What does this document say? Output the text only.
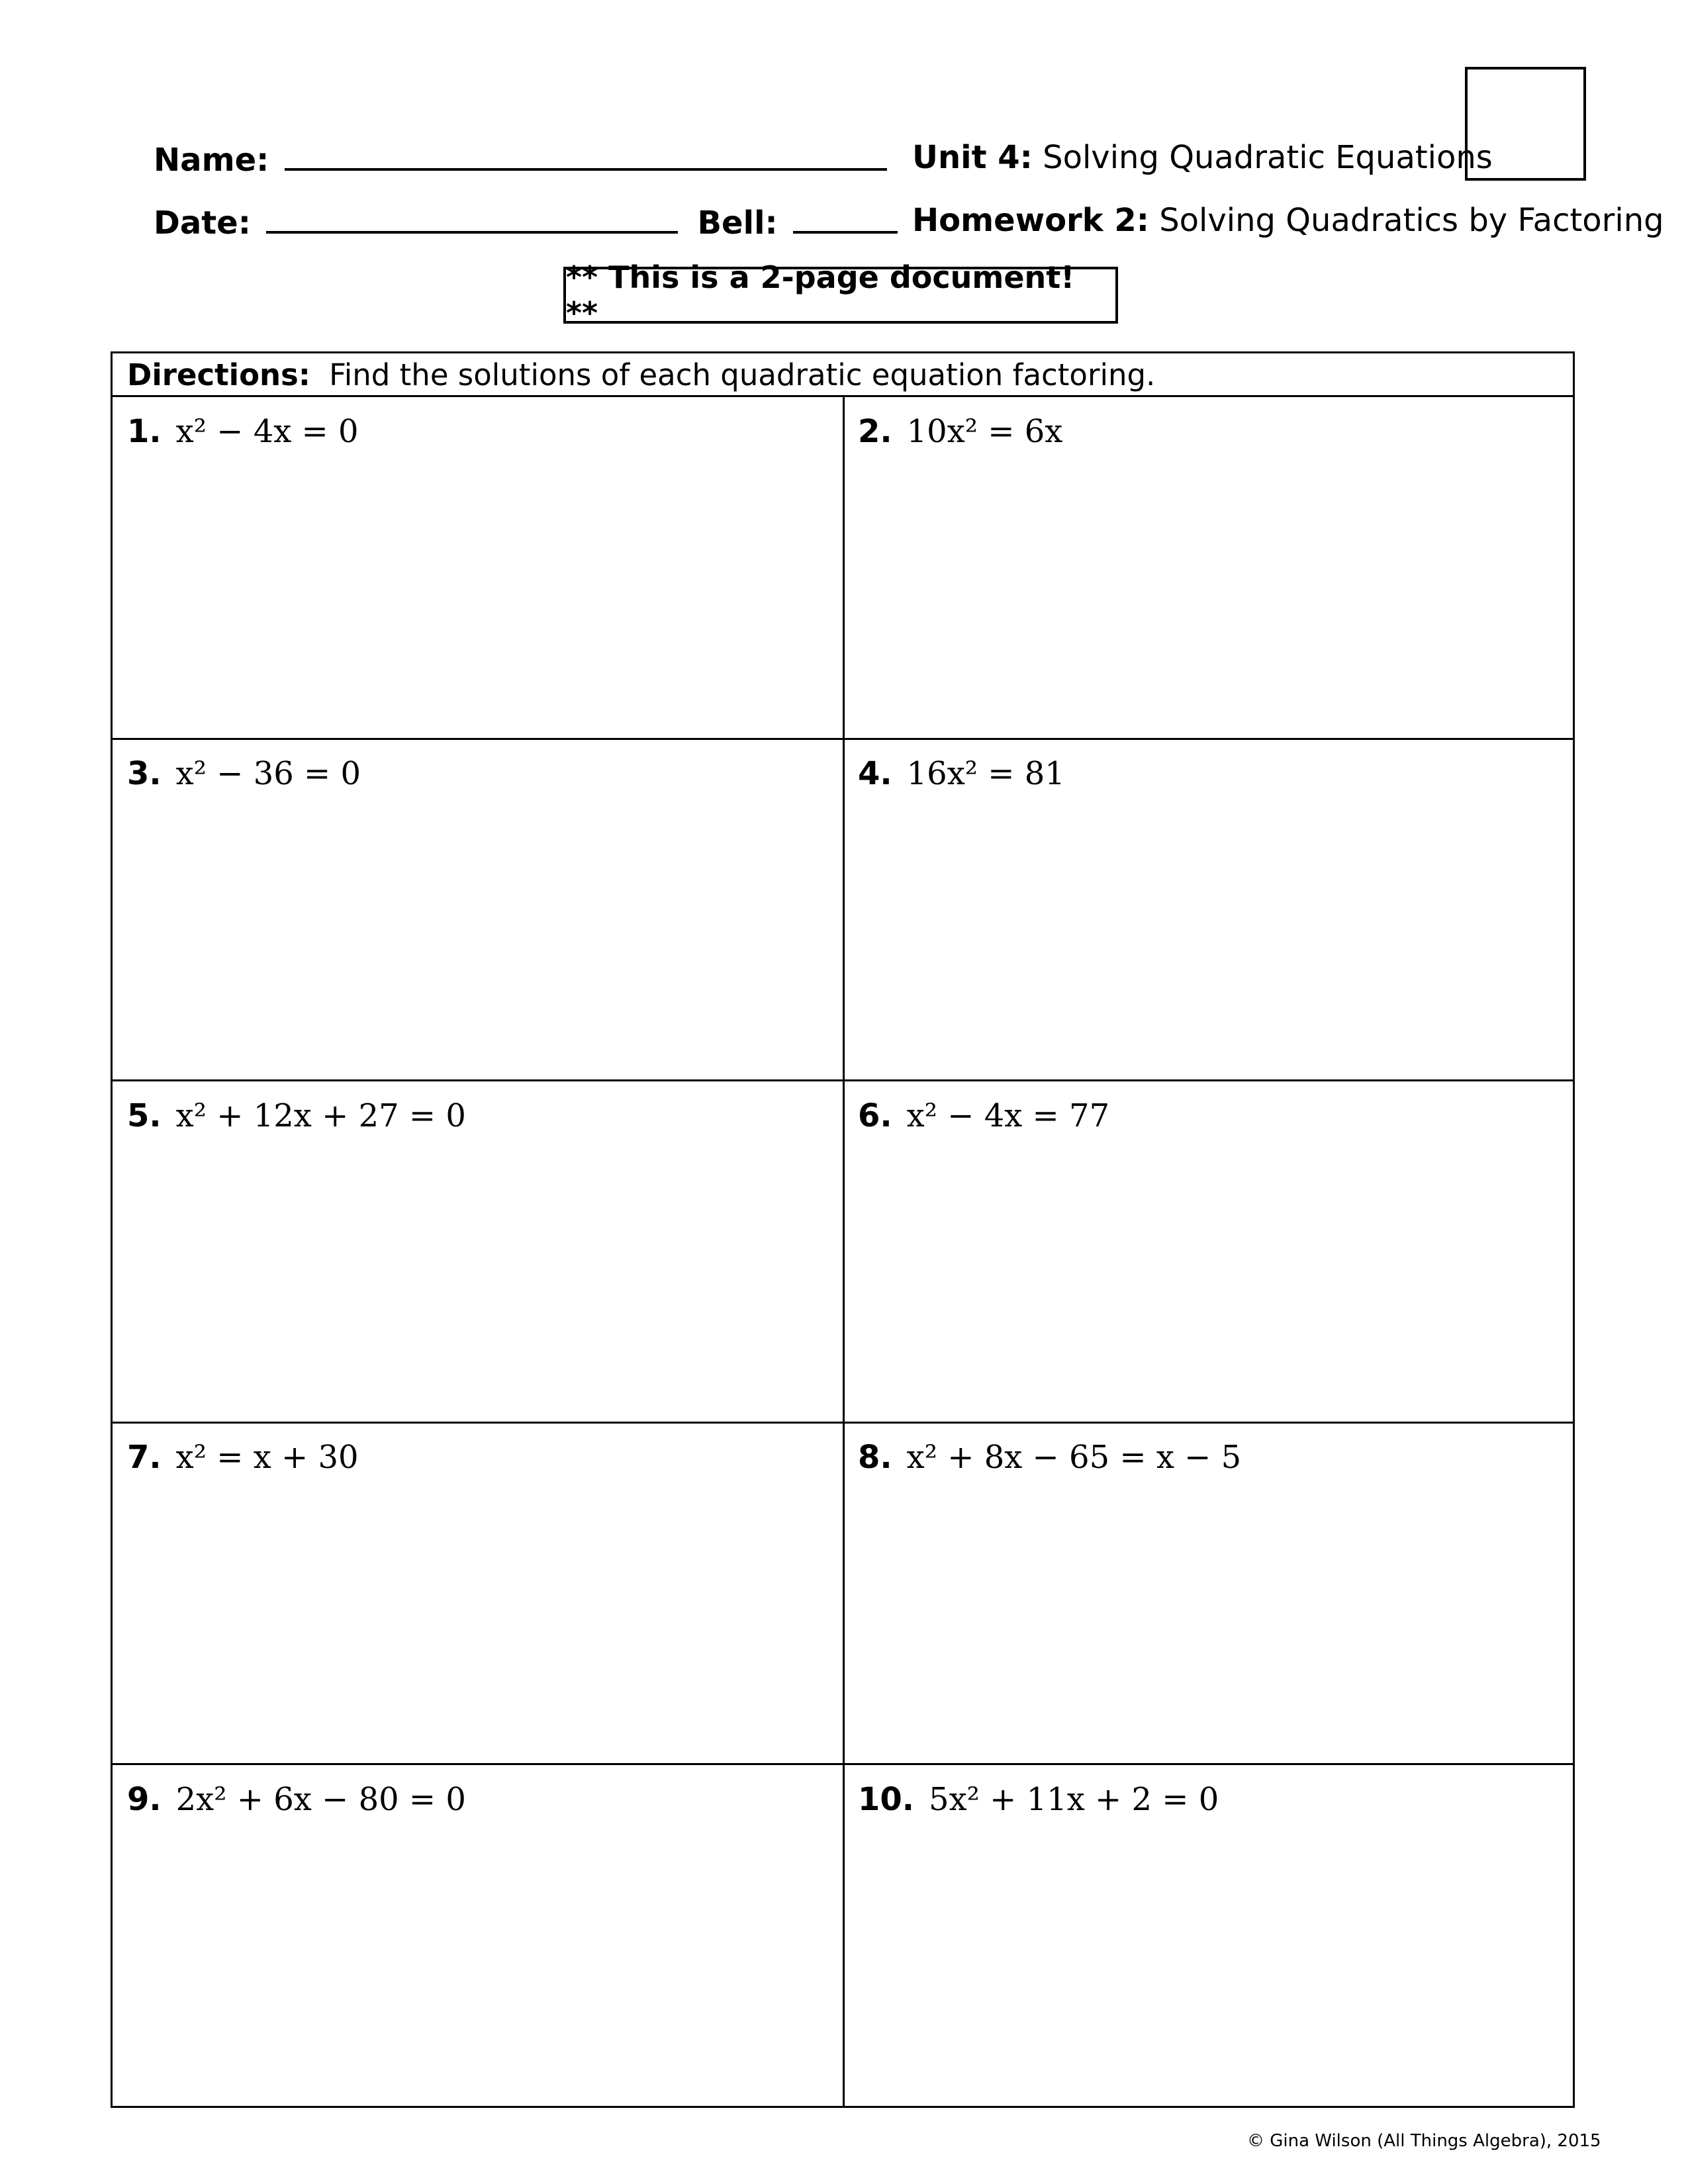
Name:	Unit 4: Solving Quadratic Equations
Date:	Bell:	Homework 2: Solving Quadratics by Factoring
** This is a 2-page document! **
Directions: Find the solutions of each quadratic equation factoring.
1. x² − 4x = 0	2. 10x² = 6x
3. x² − 36 = 0	4. 16x² = 81
5. x² + 12x + 27 = 0	6. x² − 4x = 77
7. x² = x + 30	8. x² + 8x − 65 = x − 5
9. 2x² + 6x − 80 = 0	10. 5x² + 11x + 2 = 0
© Gina Wilson (All Things Algebra), 2015
